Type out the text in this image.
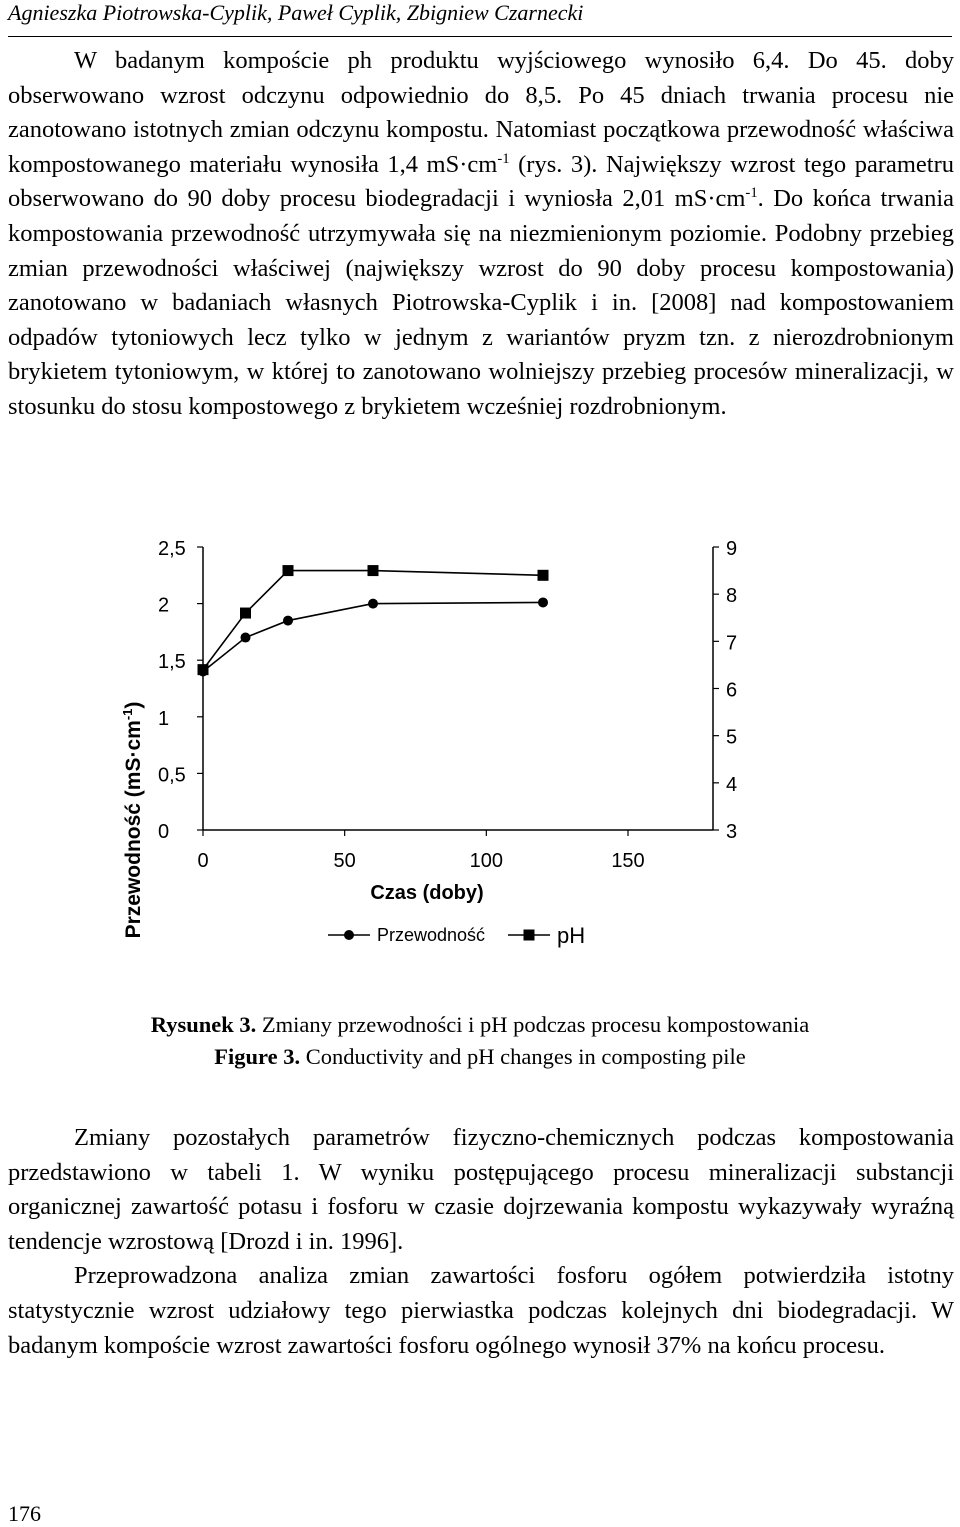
Agnieszka Piotrowska-Cyplik, Paweł Cyplik, Zbigniew Czarnecki

W badanym kompoście ph produktu wyjściowego wynosiło 6,4. Do 45. doby obserwowano wzrost odczynu odpowiednio do 8,5. Po 45 dniach trwania procesu nie zanotowano istotnych zmian odczynu kompostu. Natomiast początkowa przewodność właściwa kompostowanego materiału wynosiła 1,4 $mS\cdot cm^{-1}$ (rys. 3). Największy wzrost tego parametru obserwowano do 90 doby procesu biodegradacji i wyniosła 2,01 $mS\cdot cm^{-1}$. Do końca trwania kompostowania przewodność utrzymywała się na niezmienionym poziomie. Podobny przebieg zmian przewodności właściwej (największy wzrost do 90 doby procesu kompostowania) zanotowano w badaniach własnych Piotrowska-Cyplik i in. [2008] nad kompostowaniem odpadów tytoniowych lecz tylko w jednym z wariantów pryzm tzn. z nierozdrobnionym brykietem tytoniowym, w której to zanotowano wolniejszy przebieg procesów mineralizacji, w stosunku do stosu kompostowego z brykietem wcześniej rozdrobnionym.

0
0,5
1
1,5
2
2,5
3
4
5
6
7
8
9
0	50	100	150
Przewodność $(mS\cdot cm^{-1})$
Czas (doby)
Przewodność	pH
Rysunek 3. Zmiany przewodności i pH podczas procesu kompostowania
Figure 3. Conductivity and pH changes in composting pile

Zmiany pozostałych parametrów fizyczno-chemicznych podczas kompostowania przedstawiono w tabeli 1. W wyniku postępującego procesu mineralizacji substancji organicznej zawartość potasu i fosforu w czasie dojrzewania kompostu wykazywały wyraźną tendencje wzrostową [Drozd i in. 1996].

Przeprowadzona analiza zmian zawartości fosforu ogółem potwierdziła istotny statystycznie wzrost udziałowy tego pierwiastka podczas kolejnych dni biodegradacji. W badanym kompoście wzrost zawartości fosforu ogólnego wynosił 37% na końcu procesu.

176
